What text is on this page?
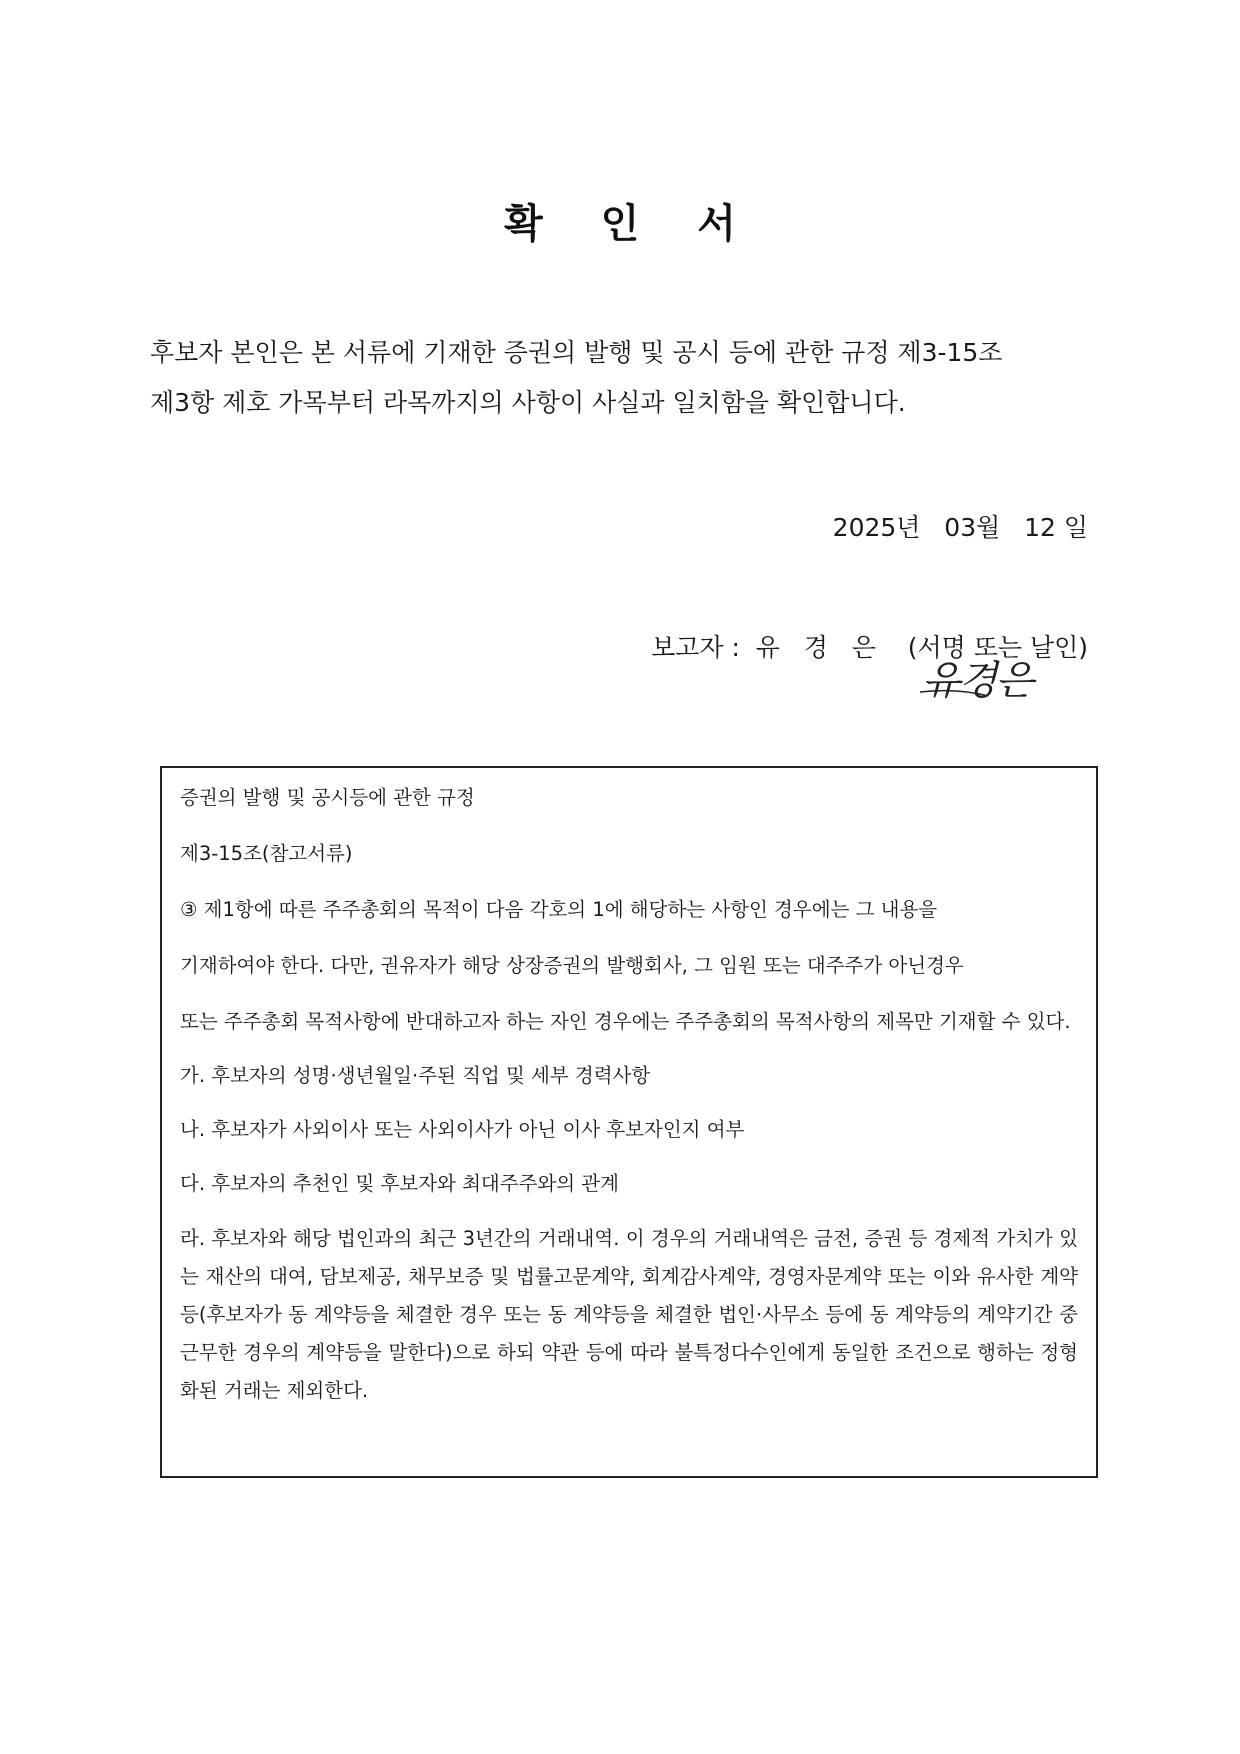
확 인 서
후보자 본인은 본 서류에 기재한 증권의 발행 및 공시 등에 관한 규정 제3-15조
제3항 제호 가목부터 라목까지의 사항이 사실과 일치함을 확인합니다.
2025년   03월   12 일
보고자 :  유   경   은    (서명 또는 날인)
유경은

증권의 발행 및 공시등에 관한 규정

제3-15조(참고서류)

③ 제1항에 따른 주주총회의 목적이 다음 각호의 1에 해당하는 사항인 경우에는 그 내용을

기재하여야 한다. 다만, 권유자가 해당 상장증권의 발행회사, 그 임원 또는 대주주가 아닌경우

또는 주주총회 목적사항에 반대하고자 하는 자인 경우에는 주주총회의 목적사항의 제목만 기재할 수 있다.

가. 후보자의 성명·생년월일·주된 직업 및 세부 경력사항

나. 후보자가 사외이사 또는 사외이사가 아닌 이사 후보자인지 여부

다. 후보자의 추천인 및 후보자와 최대주주와의 관계

라. 후보자와 해당 법인과의 최근 3년간의 거래내역. 이 경우의 거래내역은 금전, 증권 등 경제적 가치가 있는 재산의 대여, 담보제공, 채무보증 및 법률고문계약, 회계감사계약, 경영자문계약 또는 이와 유사한 계약등(후보자가 동 계약등을 체결한 경우 또는 동 계약등을 체결한 법인·사무소 등에 동 계약등의 계약기간 중 근무한 경우의 계약등을 말한다)으로 하되 약관 등에 따라 불특정다수인에게 동일한 조건으로 행하는 정형화된 거래는 제외한다.
